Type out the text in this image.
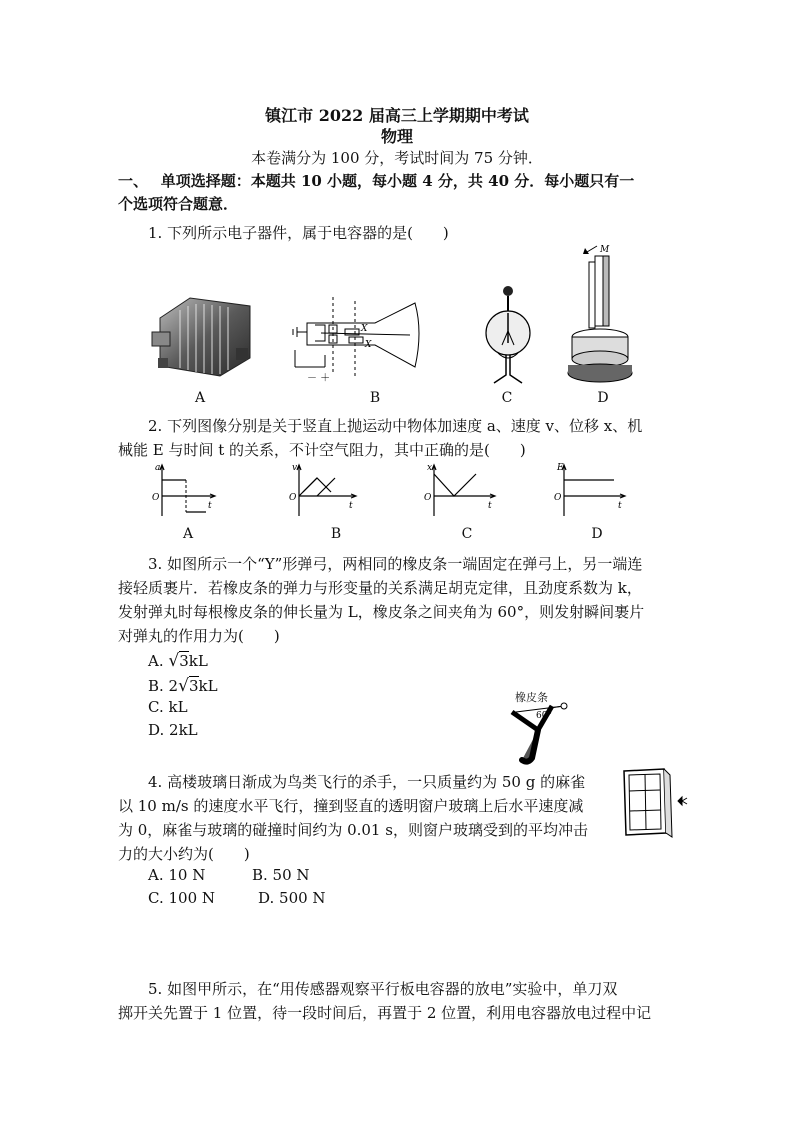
镇江市 2022 届高三上学期期中考试
物理
本卷满分为 100 分，考试时间为 75 分钟．
一、　 单项选择题：本题共 10 小题，每小题 4 分，共 40 分．每小题只有一
个选项符合题意．
1. 下列所示电子器件，属于电容器的是(　　)
X
X
－ ＋
M
A	B	C	D
2. 下列图像分别是关于竖直上抛运动中物体加速度 a、速度 v、位移 x、机
械能 E 与时间 t 的关系，不计空气阻力，其中正确的是(　　)
a
O
t
A
v
O
t
B
x
O
t
C
E
O
t
D
3. 如图所示一个“Y”形弹弓，两相同的橡皮条一端固定在弹弓上，另一端连
接轻质裹片．若橡皮条的弹力与形变量的关系满足胡克定律，且劲度系数为 k，
发射弹丸时每根橡皮条的伸长量为 L，橡皮条之间夹角为 60°，则发射瞬间裹片
对弹丸的作用力为(　　)
A. √3kL
B. 2√3kL
C. kL
D. 2kL
橡皮条
60°
4. 高楼玻璃日渐成为鸟类飞行的杀手，一只质量约为 50 g 的麻雀
以 10 m/s 的速度水平飞行，撞到竖直的透明窗户玻璃上后水平速度减
为 0，麻雀与玻璃的碰撞时间约为 0.01 s，则窗户玻璃受到的平均冲击
力的大小约为(　　)
A. 10 N	B. 50 N
C. 100 N	D. 500 N
5. 如图甲所示，在“用传感器观察平行板电容器的放电”实验中，单刀双
掷开关先置于 1 位置，待一段时间后，再置于 2 位置，利用电容器放电过程中记
